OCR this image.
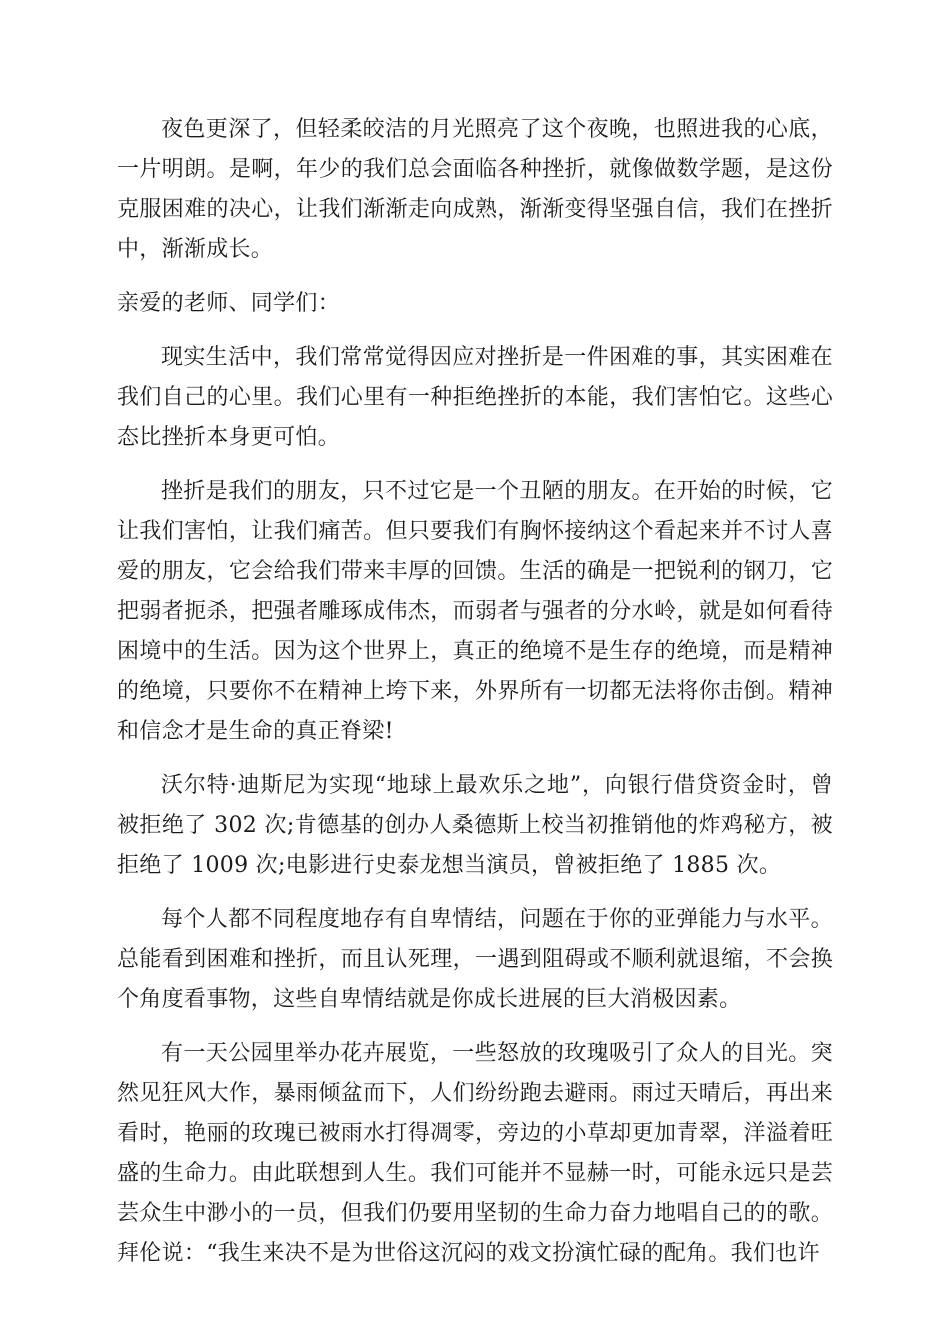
夜色更深了，但轻柔皎洁的月光照亮了这个夜晚，也照进我的心底，一片明朗。是啊，年少的我们总会面临各种挫折，就像做数学题，是这份克服困难的决心，让我们渐渐走向成熟，渐渐变得坚强自信，我们在挫折中，渐渐成长。

亲爱的老师、同学们：

现实生活中，我们常常觉得因应对挫折是一件困难的事，其实困难在我们自己的心里。我们心里有一种拒绝挫折的本能，我们害怕它。这些心态比挫折本身更可怕。

挫折是我们的朋友，只不过它是一个丑陋的朋友。在开始的时候，它让我们害怕，让我们痛苦。但只要我们有胸怀接纳这个看起来并不讨人喜爱的朋友，它会给我们带来丰厚的回馈。生活的确是一把锐利的钢刀，它把弱者扼杀，把强者雕琢成伟杰，而弱者与强者的分水岭，就是如何看待困境中的生活。因为这个世界上，真正的绝境不是生存的绝境，而是精神的绝境，只要你不在精神上垮下来，外界所有一切都无法将你击倒。精神和信念才是生命的真正脊梁!

沃尔特·迪斯尼为实现“地球上最欢乐之地”，向银行借贷资金时，曾被拒绝了 302 次;肯德基的创办人桑德斯上校当初推销他的炸鸡秘方，被拒绝了 1009 次;电影进行史泰龙想当演员，曾被拒绝了 1885 次。

每个人都不同程度地存有自卑情结，问题在于你的亚弹能力与水平。总能看到困难和挫折，而且认死理，一遇到阻碍或不顺利就退缩，不会换个角度看事物，这些自卑情结就是你成长进展的巨大消极因素。

有一天公园里举办花卉展览，一些怒放的玫瑰吸引了众人的目光。突然见狂风大作，暴雨倾盆而下，人们纷纷跑去避雨。雨过天晴后，再出来看时，艳丽的玫瑰已被雨水打得凋零，旁边的小草却更加青翠，洋溢着旺盛的生命力。由此联想到人生。我们可能并不显赫一时，可能永远只是芸芸众生中渺小的一员，但我们仍要用坚韧的生命力奋力地唱自己的的歌。拜伦说：“我生来决不是为世俗这沉闷的戏文扮演忙碌的配角。我们也许
